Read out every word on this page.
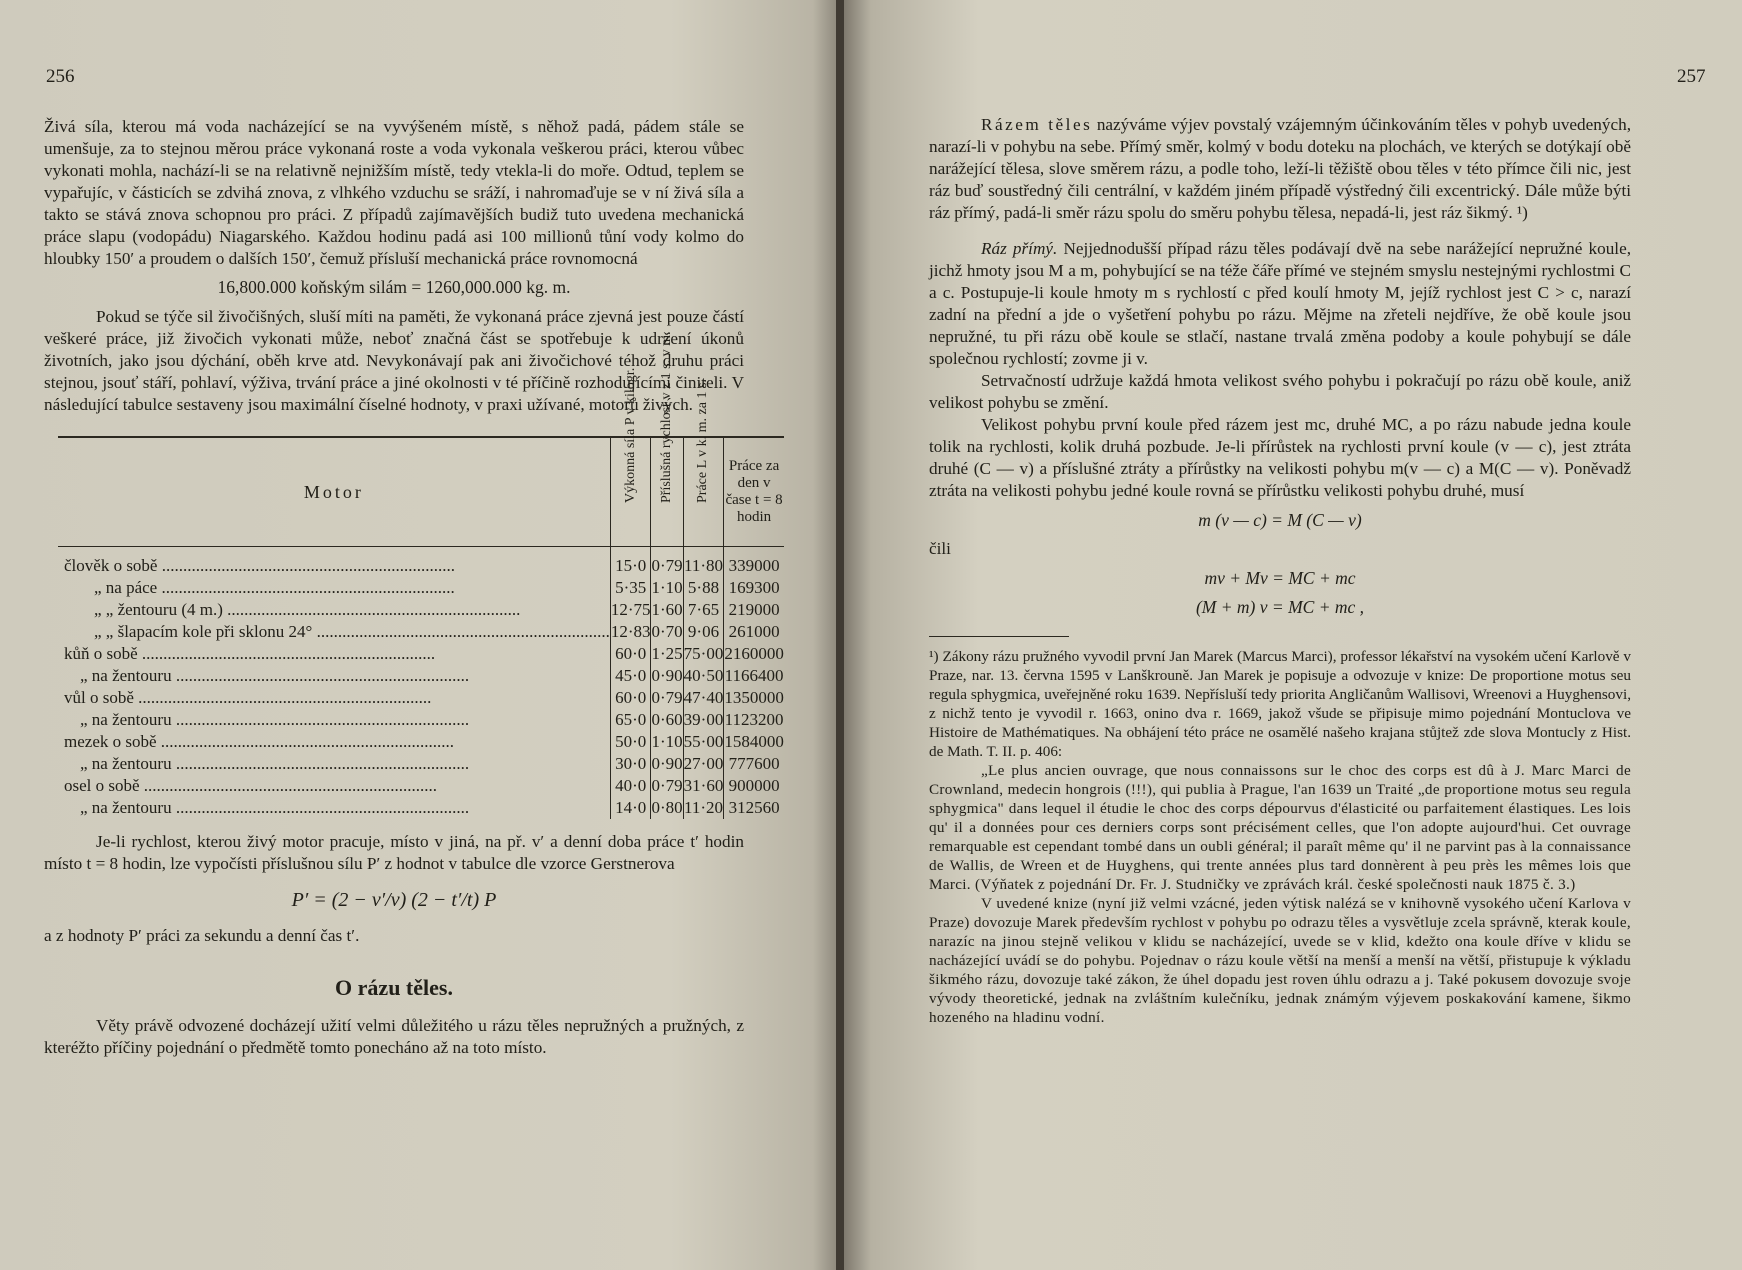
256

Živá síla, kterou má voda nacházející se na vyvýšeném místě, s něhož padá, pádem stále se umenšuje, za to stejnou měrou práce vykonaná roste a voda vykonala veškerou práci, kterou vůbec vykonati mohla, nachází-li se na relativně nejnižším místě, tedy vtekla-li do moře. Odtud, teplem se vypařujíc, v částicích se zdvihá znova, z vlhkého vzduchu se sráží, i nahromaďuje se v ní živá síla a takto se stává znova schopnou pro práci. Z případů zajímavějších budiž tuto uvedena mechanická práce slapu (vodopádu) Niagarského. Každou hodinu padá asi 100 millionů tůní vody kolmo do hloubky 150′ a proudem o dalších 150′, čemuž přísluší mechanická práce rovnomocná

16,800.000 koňským silám = 1260,000.000 kg. m.

Pokud se týče sil živočišných, sluší míti na paměti, že vykonaná práce zjevná jest pouze částí veškeré práce, již živočich vykonati může, neboť značná část se spotřebuje k udržení úkonů životních, jako jsou dýchání, oběh krve atd. Nevykonávají pak ani živočichové téhož druhu práci stejnou, jsouť stáří, pohlaví, výživa, trvání práce a jiné okolnosti v té příčině rozhodujícími činiteli. V následující tabulce sestaveny jsou maximální číselné hodnoty, v praxi užívané, motorů živých.

Motor	Výkonná síla P v kilogr.	Příslušná rychlost v z 1 s. v m.	Práce L v k. m. za 1 s.	Práce za den v čase t = 8 hodin
člověk o sobě .....	15·0	0·79	11·80	339000
„ na páce .....	5·35	1·10	5·88	169300
„ „ žentouru (4 m.) .....	12·75	1·60	7·65	219000
„ „ šlapacím kole při sklonu 24° .....	12·83	0·70	9·06	261000
kůň o sobě .....	60·0	1·25	75·00	2160000
„ na žentouru .....	45·0	0·90	40·50	1166400
vůl o sobě .....	60·0	0·79	47·40	1350000
„ na žentouru .....	65·0	0·60	39·00	1123200
mezek o sobě .....	50·0	1·10	55·00	1584000
„ na žentouru .....	30·0	0·90	27·00	777600
osel o sobě .....	40·0	0·79	31·60	900000
„ na žentouru .....	14·0	0·80	11·20	312560

Je-li rychlost, kterou živý motor pracuje, místo v jiná, na př. v′ a denní doba práce t′ hodin místo t = 8 hodin, lze vypočísti příslušnou sílu P′ z hodnot v tabulce dle vzorce Gerstnerova

P′ = (2 − v′/v) (2 − t′/t) P

a z hodnoty P′ práci za sekundu a denní čas t′.

O rázu těles.

Věty právě odvozené docházejí užití velmi důležitého u rázu těles nepružných a pružných, z kteréžto příčiny pojednání o předmětě tomto ponecháno až na toto místo.

257

Rázem těles nazýváme výjev povstalý vzájemným účinkováním těles v pohyb uvedených, narazí-li v pohybu na sebe. Přímý směr, kolmý v bodu doteku na plochách, ve kterých se dotýkají obě narážející tělesa, slove směrem rázu, a podle toho, leží-li těžiště obou těles v této přímce čili nic, jest ráz buď soustředný čili centrální, v každém jiném případě výstředný čili excentrický. Dále může býti ráz přímý, padá-li směr rázu spolu do směru pohybu tělesa, nepadá-li, jest ráz šikmý. ¹)

Ráz přímý. Nejjednodušší případ rázu těles podávají dvě na sebe narážející nepružné koule, jichž hmoty jsou M a m, pohybující se na téže čáře přímé ve stejném smyslu nestejnými rychlostmi C a c. Postupuje-li koule hmoty m s rychlostí c před koulí hmoty M, jejíž rychlost jest C > c, narazí zadní na přední a jde o vyšetření pohybu po rázu. Mějme na zřeteli nejdříve, že obě koule jsou nepružné, tu při rázu obě koule se stlačí, nastane trvalá změna podoby a koule pohybují se dále společnou rychlostí; zovme ji v.

Setrvačností udržuje každá hmota velikost svého pohybu i pokračují po rázu obě koule, aniž velikost pohybu se změní.

Velikost pohybu první koule před rázem jest mc, druhé MC, a po rázu nabude jedna koule tolik na rychlosti, kolik druhá pozbude. Je-li přírůstek na rychlosti první koule (v — c), jest ztráta druhé (C — v) a příslušné ztráty a přírůstky na velikosti pohybu m(v — c) a M(C — v). Poněvadž ztráta na velikosti pohybu jedné koule rovná se přírůstku velikosti pohybu druhé, musí

m (v — c) = M (C — v)
čili
mv + Mv = MC + mc
(M + m) v = MC + mc ,

¹) Zákony rázu pružného vyvodil první Jan Marek (Marcus Marci), professor lékařství na vysokém učení Karlově v Praze, nar. 13. června 1595 v Lanškrouně. Jan Marek je popisuje a odvozuje v knize: De proportione motus seu regula sphygmica, uveřejněné roku 1639. Nepřísluší tedy priorita Angličanům Wallisovi, Wreenovi a Huyghensovi, z nichž tento je vyvodil r. 1663, onino dva r. 1669, jakož všude se připisuje mimo pojednání Montuclova ve Histoire de Mathématiques. Na obhájení této práce ne osamělé našeho krajana stůjtež zde slova Montucly z Hist. de Math. T. II. p. 406:

„Le plus ancien ouvrage, que nous connaissons sur le choc des corps est dû à J. Marc Marci de Crownland, medecin hongrois (!!!), qui publia à Prague, l'an 1639 un Traité „de proportione motus seu regula sphygmica" dans lequel il étudie le choc des corps dépourvus d'élasticité ou parfaitement élastiques. Les lois qu' il a données pour ces derniers corps sont précisément celles, que l'on adopte aujourd'hui. Cet ouvrage remarquable est cependant tombé dans un oubli général; il paraît même qu' il ne parvint pas à la connaissance de Wallis, de Wreen et de Huyghens, qui trente années plus tard donnèrent à peu près les mêmes lois que Marci. (Výňatek z pojednání Dr. Fr. J. Studničky ve zprávách král. české společnosti nauk 1875 č. 3.)

V uvedené knize (nyní již velmi vzácné, jeden výtisk nalézá se v knihovně vysokého učení Karlova v Praze) dovozuje Marek především rychlost v pohybu po odrazu těles a vysvětluje zcela správně, kterak koule, narazíc na jinou stejně velikou v klidu se nacházející, uvede se v klid, kdežto ona koule dříve v klidu se nacházející uvádí se do pohybu. Pojednav o rázu koule větší na menší a menší na větší, přistupuje k výkladu šikmého rázu, dovozuje také zákon, že úhel dopadu jest roven úhlu odrazu a j. Také pokusem dovozuje svoje vývody theoretické, jednak na zvláštním kulečníku, jednak známým výjevem poskakování kamene, šikmo hozeného na hladinu vodní.
